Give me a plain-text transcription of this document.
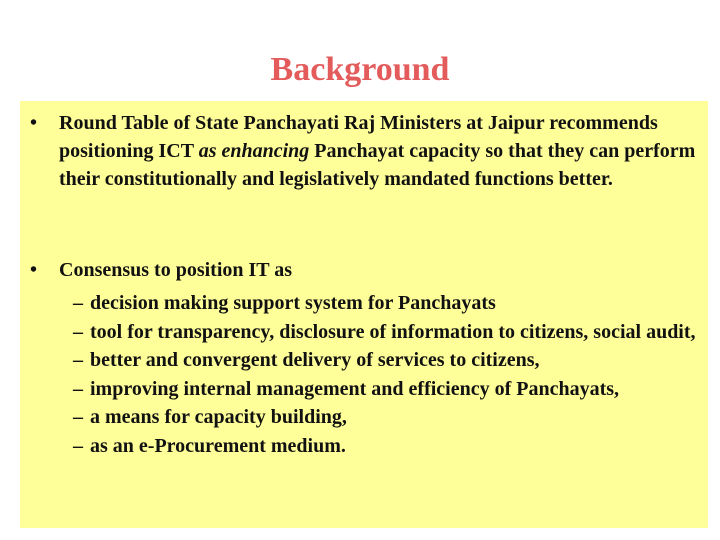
Background
• Round Table of State Panchayati Raj Ministers at Jaipur recommends positioning ICT as enhancing Panchayat capacity so that they can perform their constitutionally and legislatively mandated functions better.
• Consensus to position IT as
– decision making support system for Panchayats
– tool for transparency, disclosure of information to citizens, social audit,
– better and convergent delivery of services to citizens,
– improving internal management and efficiency of Panchayats,
– a means for capacity building,
– as an e-Procurement medium.
